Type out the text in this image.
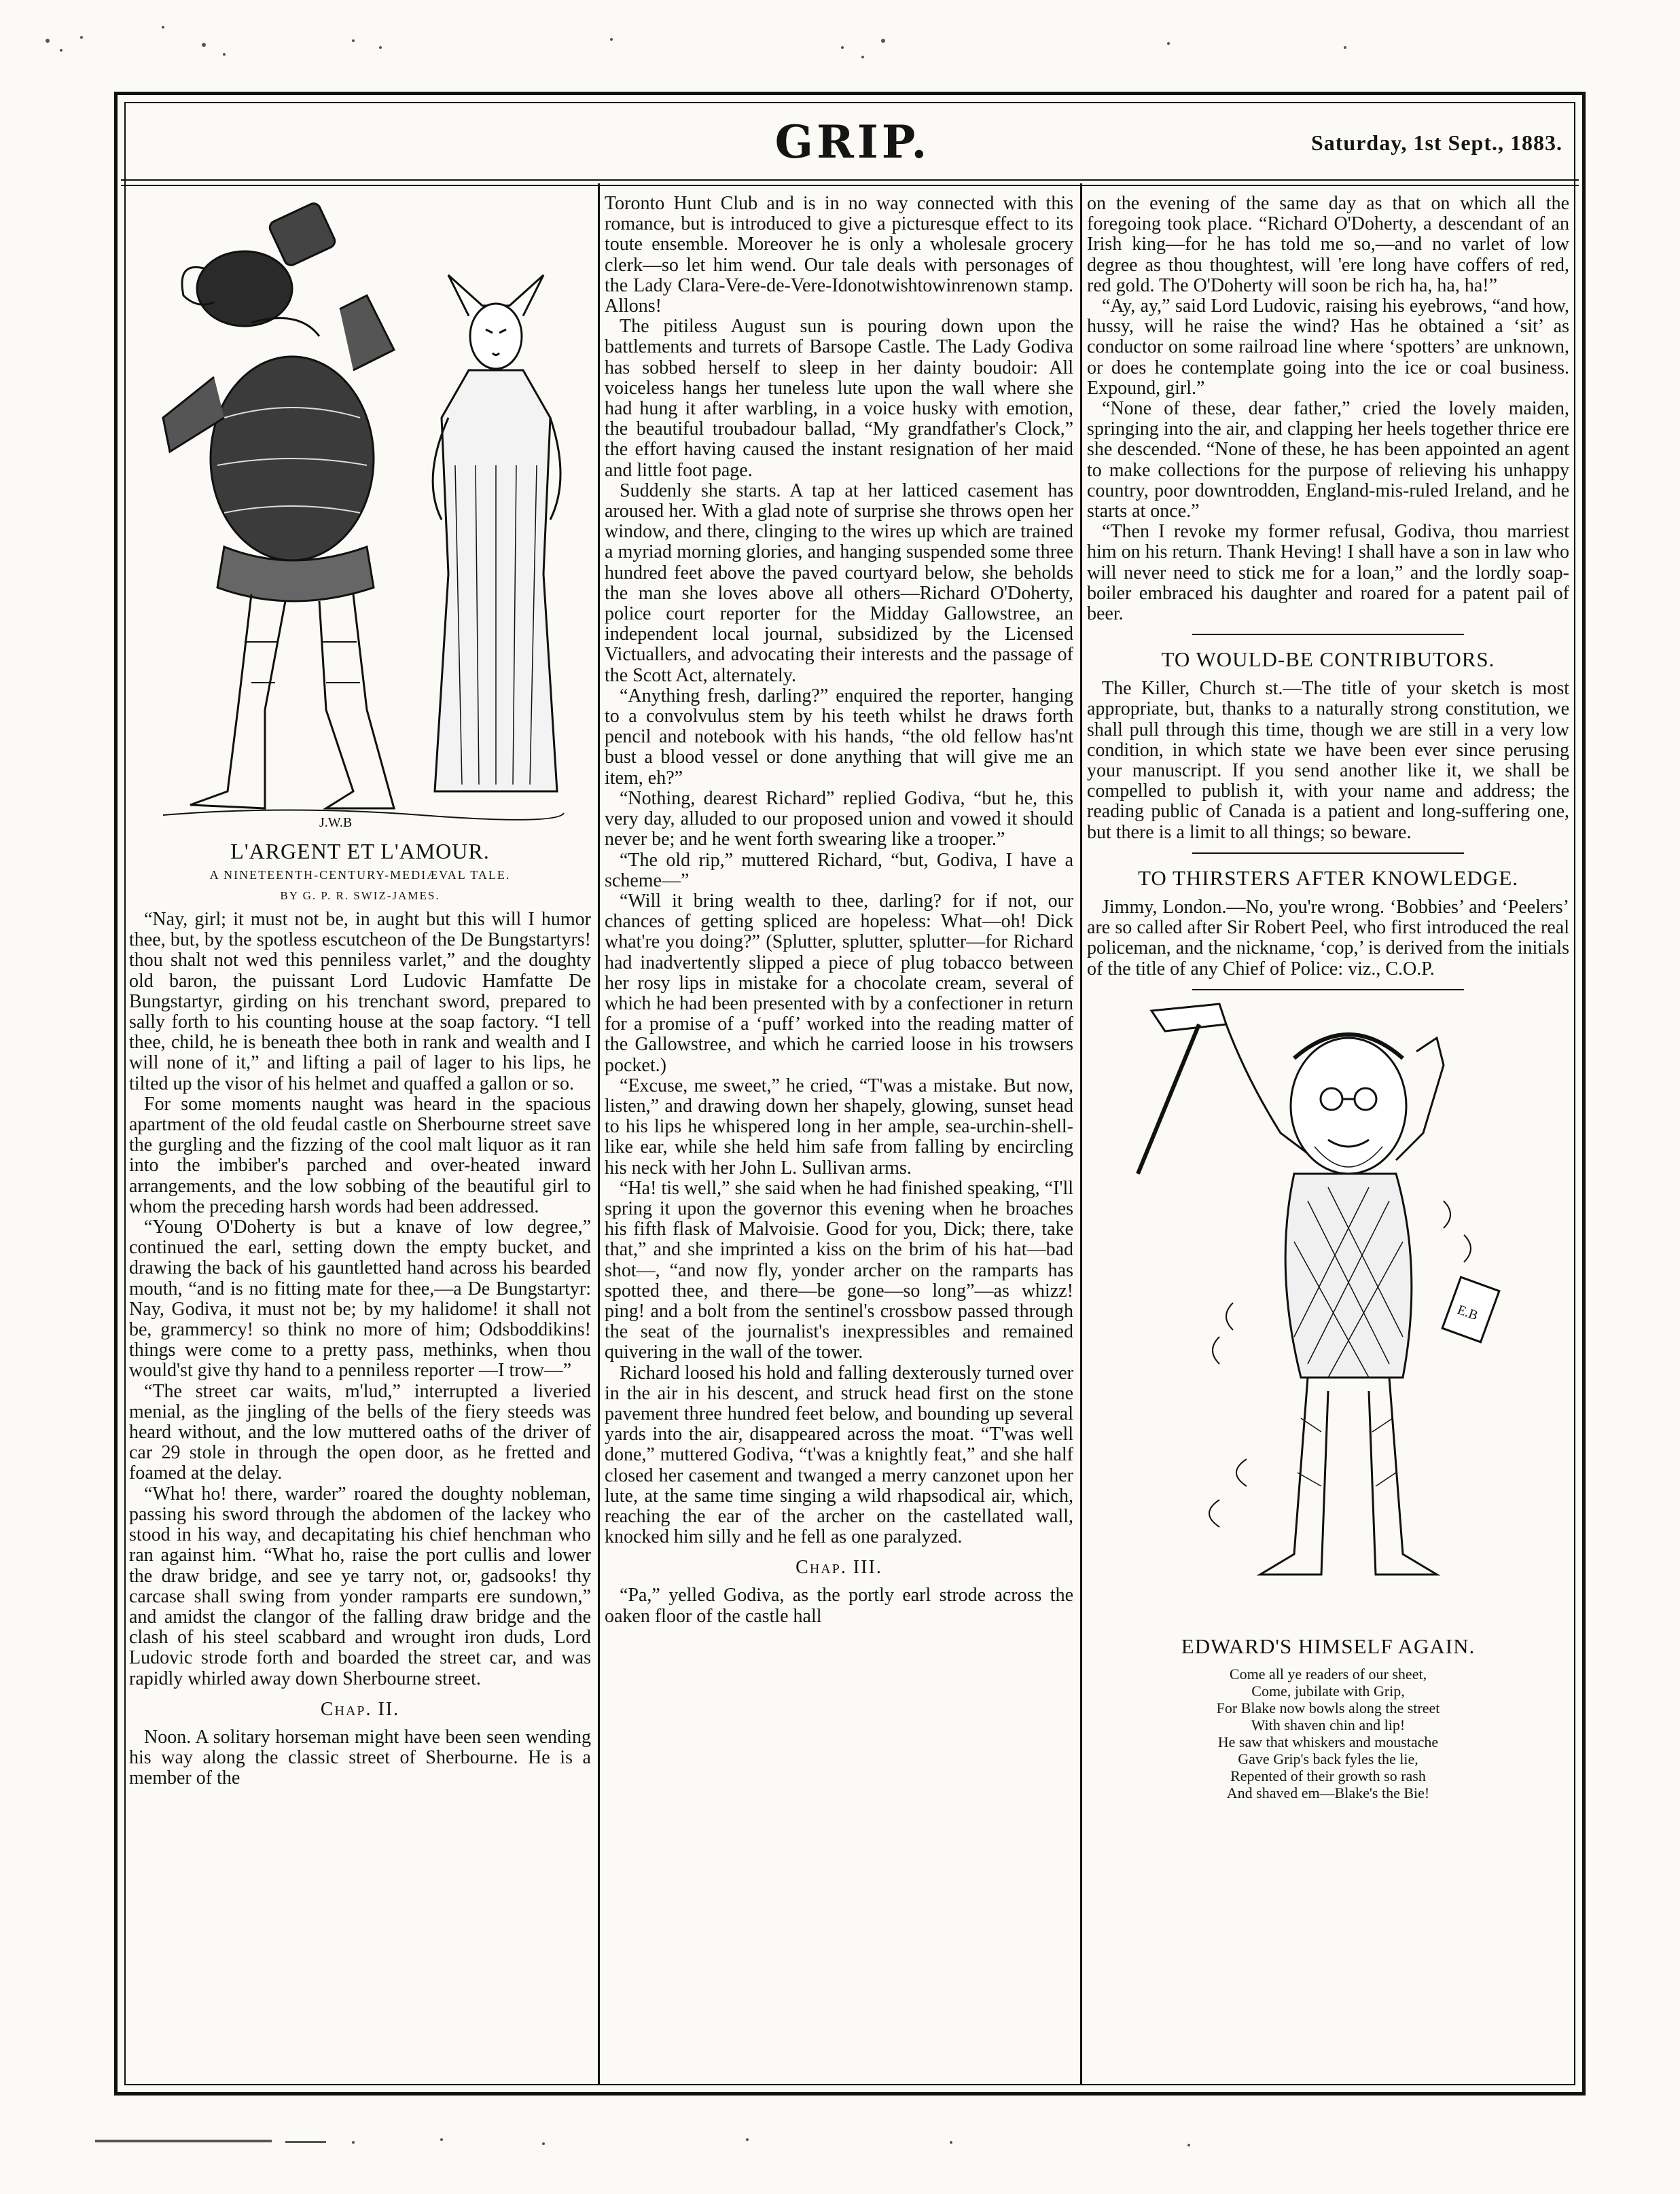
GRIP.	Saturday, 1st Sept., 1883.
J.W.B
L'ARGENT ET L'AMOUR.
A NINETEENTH-CENTURY-MEDIÆVAL TALE.
BY G. P. R. SWIZ-JAMES.

“Nay, girl; it must not be, in aught but this will I humor thee, but, by the spotless escutcheon of the De Bungstartyrs! thou shalt not wed this penniless varlet,” and the doughty old baron, the puissant Lord Ludovic Hamfatte De Bungstartyr, girding on his trenchant sword, prepared to sally forth to his counting house at the soap factory. “I tell thee, child, he is beneath thee both in rank and wealth and I will none of it,” and lifting a pail of lager to his lips, he tilted up the visor of his helmet and quaffed a gallon or so.

For some moments naught was heard in the spacious apartment of the old feudal castle on Sherbourne street save the gurgling and the fizzing of the cool malt liquor as it ran into the imbiber's parched and over-heated inward arrangements, and the low sobbing of the beautiful girl to whom the preceding harsh words had been addressed.

“Young O'Doherty is but a knave of low degree,” continued the earl, setting down the empty bucket, and drawing the back of his gauntletted hand across his bearded mouth, “and is no fitting mate for thee,—a De Bungstartyr: Nay, Godiva, it must not be; by my halidome! it shall not be, grammercy! so think no more of him; Odsboddikins! things were come to a pretty pass, methinks, when thou would'st give thy hand to a penniless reporter —I trow—”

“The street car waits, m'lud,” interrupted a liveried menial, as the jingling of the bells of the fiery steeds was heard without, and the low muttered oaths of the driver of car 29 stole in through the open door, as he fretted and foamed at the delay.

“What ho! there, warder” roared the doughty nobleman, passing his sword through the abdomen of the lackey who stood in his way, and decapitating his chief henchman who ran against him. “What ho, raise the port cullis and lower the draw bridge, and see ye tarry not, or, gadsooks! thy carcase shall swing from yonder ramparts ere sundown,” and amidst the clangor of the falling draw bridge and the clash of his steel scabbard and wrought iron duds, Lord Ludovic strode forth and boarded the street car, and was rapidly whirled away down Sherbourne street.

Chap. II.

Noon. A solitary horseman might have been seen wending his way along the classic street of Sherbourne. He is a member of the

Toronto Hunt Club and is in no way connected with this romance, but is introduced to give a picturesque effect to its toute ensemble. Moreover he is only a wholesale grocery clerk—so let him wend. Our tale deals with personages of the Lady Clara-Vere-de-Vere-Idonotwishtowinrenown stamp. Allons!

The pitiless August sun is pouring down upon the battlements and turrets of Barsope Castle. The Lady Godiva has sobbed herself to sleep in her dainty boudoir: All voiceless hangs her tuneless lute upon the wall where she had hung it after warbling, in a voice husky with emotion, the beautiful troubadour ballad, “My grandfather's Clock,” the effort having caused the instant resignation of her maid and little foot page.

Suddenly she starts. A tap at her latticed casement has aroused her. With a glad note of surprise she throws open her window, and there, clinging to the wires up which are trained a myriad morning glories, and hanging suspended some three hundred feet above the paved courtyard below, she beholds the man she loves above all others—Richard O'Doherty, police court reporter for the Midday Gallowstree, an independent local journal, subsidized by the Licensed Victuallers, and advocating their interests and the passage of the Scott Act, alternately.

“Anything fresh, darling?” enquired the reporter, hanging to a convolvulus stem by his teeth whilst he draws forth pencil and notebook with his hands, “the old fellow has'nt bust a blood vessel or done anything that will give me an item, eh?”

“Nothing, dearest Richard” replied Godiva, “but he, this very day, alluded to our proposed union and vowed it should never be; and he went forth swearing like a trooper.”

“The old rip,” muttered Richard, “but, Godiva, I have a scheme—”

“Will it bring wealth to thee, darling? for if not, our chances of getting spliced are hopeless: What—oh! Dick what're you doing?” (Splutter, splutter, splutter—for Richard had inadvertently slipped a piece of plug tobacco between her rosy lips in mistake for a chocolate cream, several of which he had been presented with by a confectioner in return for a promise of a ‘puff’ worked into the reading matter of the Gallowstree, and which he carried loose in his trowsers pocket.)

“Excuse, me sweet,” he cried, “T'was a mistake. But now, listen,” and drawing down her shapely, glowing, sunset head to his lips he whispered long in her ample, sea-urchin-shell-like ear, while she held him safe from falling by encircling his neck with her John L. Sullivan arms.

“Ha! tis well,” she said when he had finished speaking, “I'll spring it upon the governor this evening when he broaches his fifth flask of Malvoisie. Good for you, Dick; there, take that,” and she imprinted a kiss on the brim of his hat—bad shot—, “and now fly, yonder archer on the ramparts has spotted thee, and there—be gone—so long”—as whizz! ping! and a bolt from the sentinel's crossbow passed through the seat of the journalist's inexpressibles and remained quivering in the wall of the tower.

Richard loosed his hold and falling dexterously turned over in the air in his descent, and struck head first on the stone pavement three hundred feet below, and bounding up several yards into the air, disappeared across the moat. “T'was well done,” muttered Godiva, “t'was a knightly feat,” and she half closed her casement and twanged a merry canzonet upon her lute, at the same time singing a wild rhapsodical air, which, reaching the ear of the archer on the castellated wall, knocked him silly and he fell as one paralyzed.

Chap. III.

“Pa,” yelled Godiva, as the portly earl strode across the oaken floor of the castle hall

on the evening of the same day as that on which all the foregoing took place. “Richard O'Doherty, a descendant of an Irish king—for he has told me so,—and no varlet of low degree as thou thoughtest, will 'ere long have coffers of red, red gold. The O'Doherty will soon be rich ha, ha, ha!”

“Ay, ay,” said Lord Ludovic, raising his eyebrows, “and how, hussy, will he raise the wind? Has he obtained a ‘sit’ as conductor on some railroad line where ‘spotters’ are unknown, or does he contemplate going into the ice or coal business. Expound, girl.”

“None of these, dear father,” cried the lovely maiden, springing into the air, and clapping her heels together thrice ere she descended. “None of these, he has been appointed an agent to make collections for the purpose of relieving his unhappy country, poor downtrodden, England-mis-ruled Ireland, and he starts at once.”

“Then I revoke my former refusal, Godiva, thou marriest him on his return. Thank Heving! I shall have a son in law who will never need to stick me for a loan,” and the lordly soap-boiler embraced his daughter and roared for a patent pail of beer.

TO WOULD-BE CONTRIBUTORS.

The Killer, Church st.—The title of your sketch is most appropriate, but, thanks to a naturally strong constitution, we shall pull through this time, though we are still in a very low condition, in which state we have been ever since perusing your manuscript. If you send another like it, we shall be compelled to publish it, with your name and address; the reading public of Canada is a patient and long-suffering one, but there is a limit to all things; so beware.

TO THIRSTERS AFTER KNOWLEDGE.

Jimmy, London.—No, you're wrong. ‘Bobbies’ and ‘Peelers’ are so called after Sir Robert Peel, who first introduced the real policeman, and the nickname, ‘cop,’ is derived from the initials of the title of any Chief of Police: viz., C.O.P.

E.B
EDWARD'S HIMSELF AGAIN.

Come all ye readers of our sheet,

Come, jubilate with Grip,

For Blake now bowls along the street

With shaven chin and lip!

He saw that whiskers and moustache

Gave Grip's back fyles the lie,

Repented of their growth so rash

And shaved em—Blake's the Bie!
